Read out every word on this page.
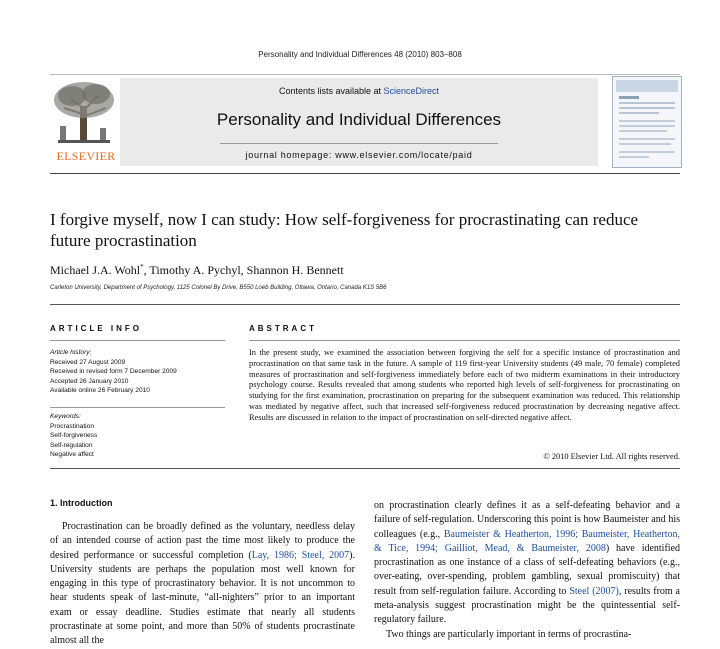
Personality and Individual Differences 48 (2010) 803–808
ELSEVIER
Contents lists available at ScienceDirect
Personality and Individual Differences
journal homepage: www.elsevier.com/locate/paid
I forgive myself, now I can study: How self-forgiveness for procrastinating can reduce future procrastination
Michael J.A. Wohl*, Timothy A. Pychyl, Shannon H. Bennett
Carleton University, Department of Psychology, 1125 Colonel By Drive, B550 Loeb Building, Ottawa, Ontario, Canada K1S 5B6
ARTICLE INFO	ABSTRACT
Article history:
Received 27 August 2009
Received in revised form 7 December 2009
Accepted 26 January 2010
Available online 26 February 2010
Keywords:
Procrastination
Self-forgiveness
Self-regulation
Negative affect
In the present study, we examined the association between forgiving the self for a specific instance of procrastination and procrastination on that same task in the future. A sample of 119 first-year University students (49 male, 70 female) completed measures of procrastination and self-forgiveness immediately before each of two midterm examinations in their introductory psychology course. Results revealed that among students who reported high levels of self-forgiveness for procrastinating on studying for the first examination, procrastination on preparing for the subsequent examination was reduced. This relationship was mediated by negative affect, such that increased self-forgiveness reduced procrastination by decreasing negative affect. Results are discussed in relation to the impact of procrastination on self-directed negative affect.
© 2010 Elsevier Ltd. All rights reserved.
1. Introduction

Procrastination can be broadly defined as the voluntary, needless delay of an intended course of action past the time most likely to produce the desired performance or successful completion (Lay, 1986; Steel, 2007). University students are perhaps the population most well known for engaging in this type of procrastinatory behavior. It is not uncommon to hear students speak of last-minute, “all-nighters” prior to an important exam or essay deadline. Studies estimate that nearly all students procrastinate at some point, and more than 50% of students procrastinate almost all the

on procrastination clearly defines it as a self-defeating behavior and a failure of self-regulation. Underscoring this point is how Baumeister and his colleagues (e.g., Baumeister & Heatherton, 1996; Baumeister, Heatherton, & Tice, 1994; Gailliot, Mead, & Baumeister, 2008) have identified procrastination as one instance of a class of self-defeating behaviors (e.g., over-eating, over-spending, problem gambling, sexual promiscuity) that result from self-regulation failure. According to Steel (2007), results from a meta-analysis suggest procrastination might be the quintessential self-regulatory failure.

Two things are particularly important in terms of procrastina-
